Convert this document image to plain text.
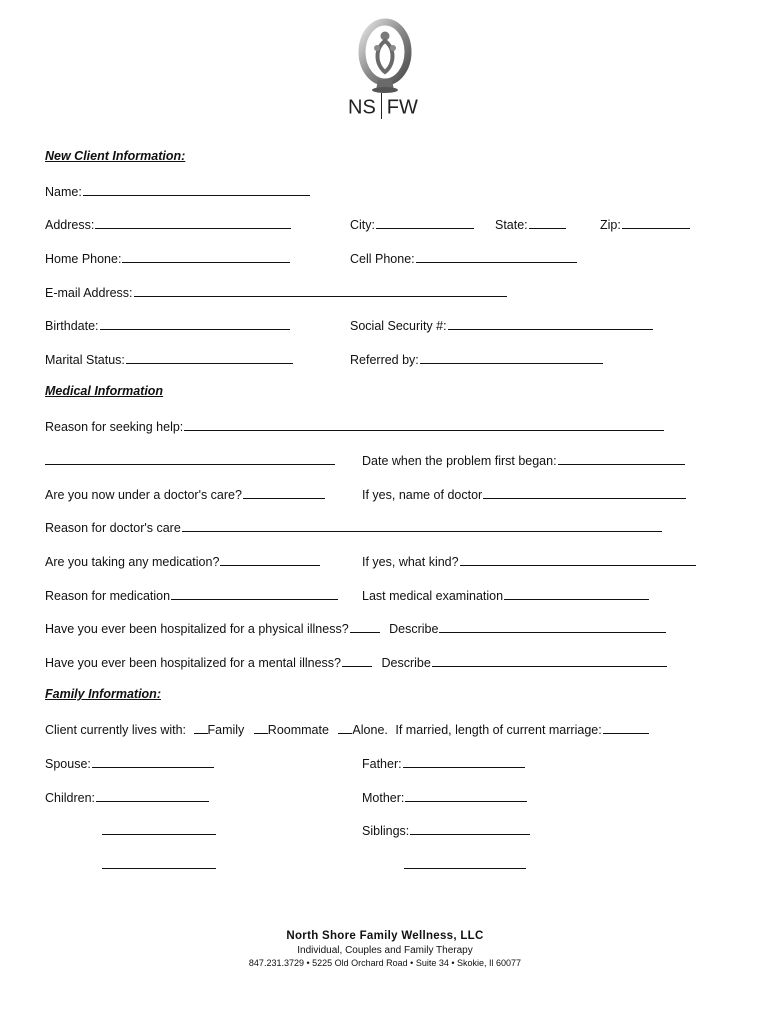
NS FW
New Client Information:
Name:
Address:	City:	State:	Zip:
Home Phone:	Cell Phone:
E-mail Address:
Birthdate:	Social Security #:
Marital Status:	Referred by:
Medical Information
Reason for seeking help:
Date when the problem first began:
Are you now under a doctor's care?	If yes, name of doctor
Reason for doctor's care
Are you taking any medication?	If yes, what kind?
Reason for medication	Last medical examination
Have you ever been hospitalized for a physical illness?	Describe
Have you ever been hospitalized for a mental illness?	Describe
Family Information:
Client currently lives with: Family Roommate Alone. If married, length of current marriage:
Spouse:	Father:
Children:	Mother:
Siblings:
North Shore Family Wellness, LLC
Individual, Couples and Family Therapy
847.231.3729 • 5225 Old Orchard Road • Suite 34 • Skokie, Il 60077
